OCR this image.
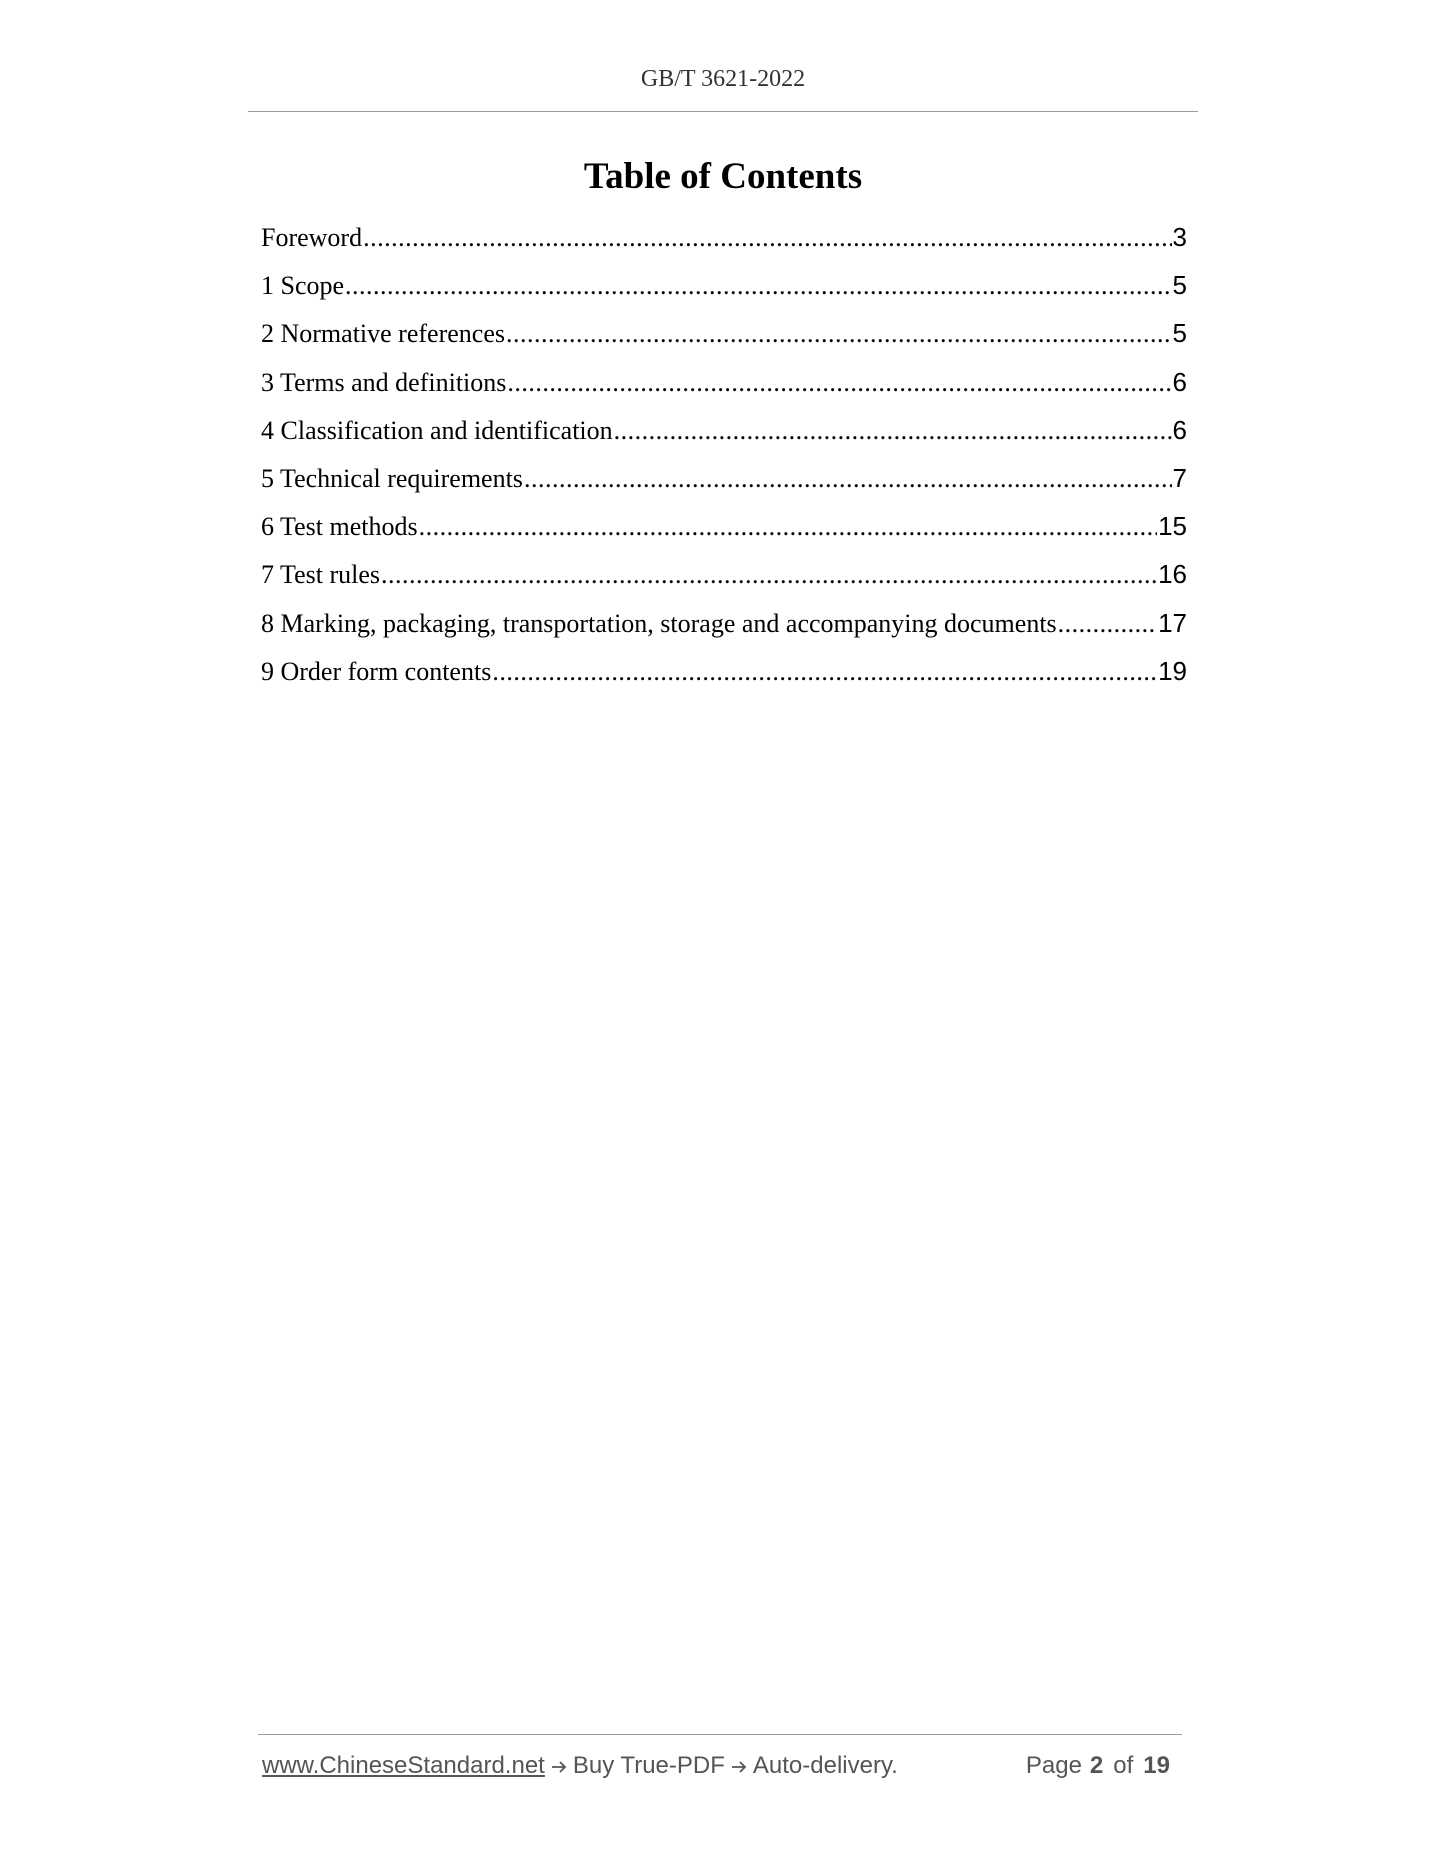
GB/T 3621-2022
Table of Contents
Foreword .....	3
1 Scope .....	5
2 Normative references .....	5
3 Terms and definitions .....	6
4 Classification and identification .....	6
5 Technical requirements .....	7
6 Test methods .....	15
7 Test rules .....	16
8 Marking, packaging, transportation, storage and accompanying documents .....	17
9 Order form contents .....	19
www.ChineseStandard.net Buy True-PDF Auto-delivery.	Page 2 of 19
